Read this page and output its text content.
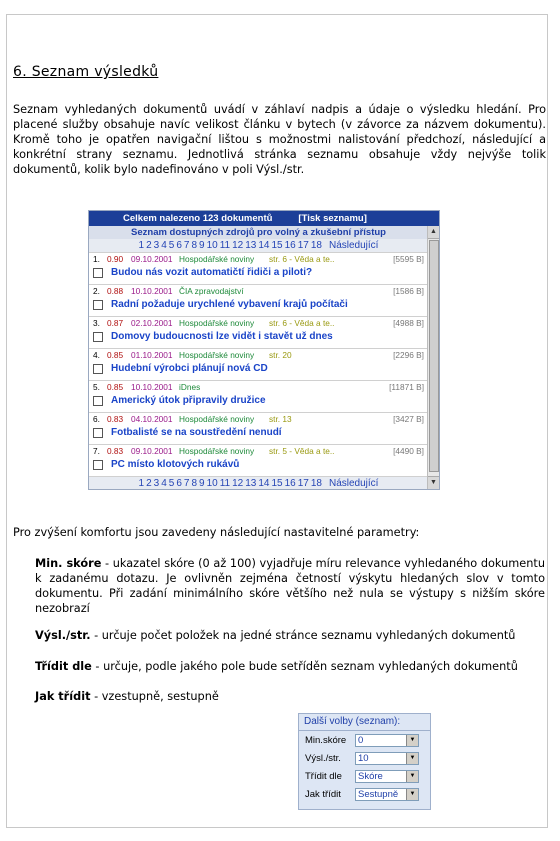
6. Seznam výsledků
Seznam vyhledaných dokumentů uvádí v záhlaví nadpis a údaje o výsledku hledání. Pro placené služby obsahuje navíc velikost článku v bytech (v závorce za názvem dokumentu). Kromě toho je opatřen navigační lištou s možnostmi nalistování předchozí, následující a konkrétní strany seznamu. Jednotlivá stránka seznamu obsahuje vždy nejvýše tolik dokumentů, kolik bylo nadefinováno v poli Výsl./str.
Celkem nalezeno 123 dokumentů	[Tisk seznamu]
Seznam dostupných zdrojů pro volný a zkušební přístup
1 2 3 4 5 6 7 8 9 10 11 12 13 14 15 16 17 18 Následující
1. 0.90 09.10.2001 Hospodářské noviny	str. 6 - Věda a te..	[5595 B]
Budou nás vozit automatičtí řidiči a piloti?
2. 0.88 10.10.2001 ČIA zpravodajství	[1586 B]
Radní požaduje urychlené vybavení krajů počítači
3. 0.87 02.10.2001 Hospodářské noviny	str. 6 - Věda a te..	[4988 B]
Domovy budoucnosti lze vidět i stavět už dnes
4. 0.85 01.10.2001 Hospodářské noviny	str. 20	[2296 B]
Hudební výrobci plánují nová CD
5. 0.85 10.10.2001 iDnes	[11871 B]
Americký útok připravily družice
6. 0.83 04.10.2001 Hospodářské noviny	str. 13	[3427 B]
Fotbalisté se na soustředění nenudí
7. 0.83 09.10.2001 Hospodářské noviny	str. 5 - Věda a te..	[4490 B]
PC místo klotových rukávů
1 2 3 4 5 6 7 8 9 10 11 12 13 14 15 16 17 18 Následující
▲
▼
Pro zvýšení komfortu jsou zavedeny následující nastavitelné parametry:
Min. skóre - ukazatel skóre (0 až 100) vyjadřuje míru relevance vyhledaného dokumentu k zadanému dotazu. Je ovlivněn zejména četností výskytu hledaných slov v tomto dokumentu. Při zadání minimálního skóre většího než nula se výstupy s nižším skóre nezobrazí
Výsl./str. - určuje počet položek na jedné stránce seznamu vyhledaných dokumentů
Třídit dle - určuje, podle jakého pole bude setříděn seznam vyhledaných dokumentů
Jak třídit - vzestupně, sestupně
Další volby (seznam):
Min.skóre	0	▼
Výsl./str.	10	▼
Třídit dle	Skóre	▼
Jak třídit	Sestupně	▼
